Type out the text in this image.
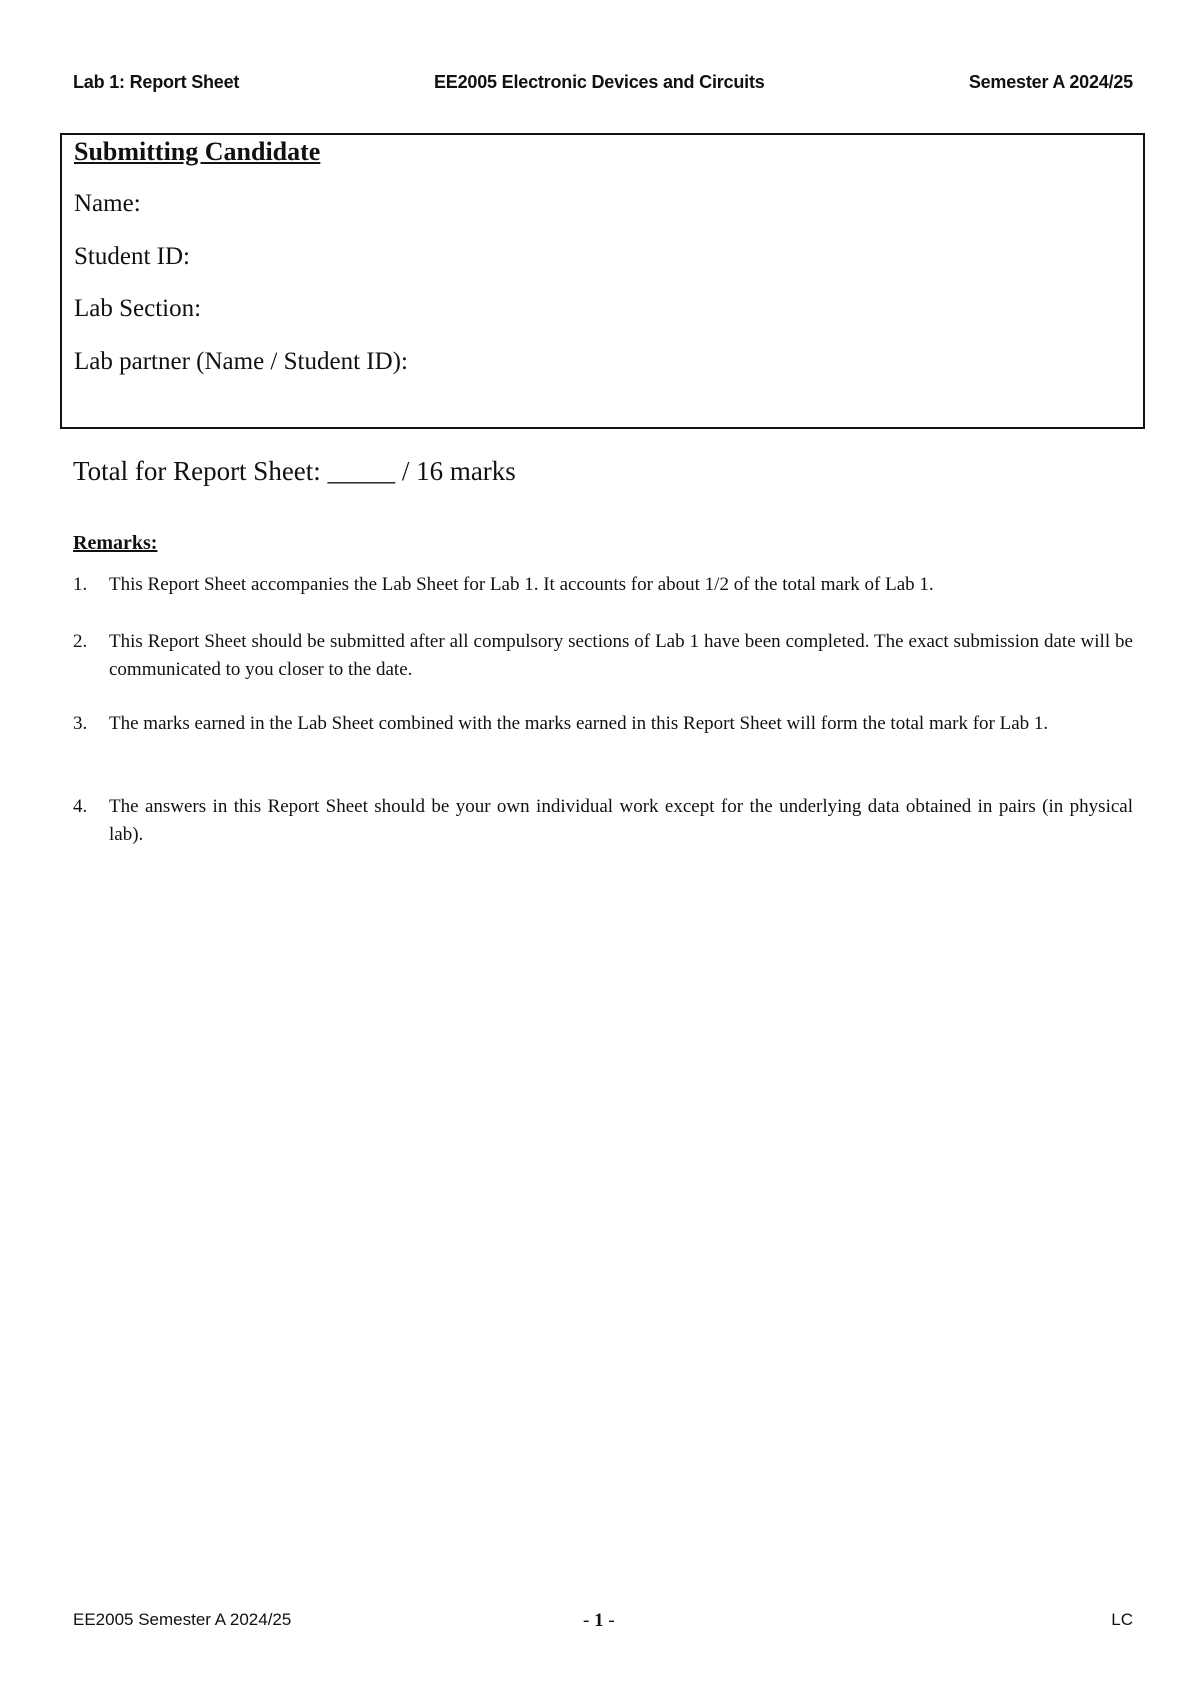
Lab 1: Report Sheet	EE2005 Electronic Devices and Circuits	Semester A 2024/25
Submitting Candidate
Name:
Student ID:
Lab Section:
Lab partner (Name / Student ID):
Total for Report Sheet: _____ / 16 marks
Remarks:
1. This Report Sheet accompanies the Lab Sheet for Lab 1. It accounts for about 1/2 of the total mark of Lab 1.
2. This Report Sheet should be submitted after all compulsory sections of Lab 1 have been completed. The exact submission date will be communicated to you closer to the date.
3. The marks earned in the Lab Sheet combined with the marks earned in this Report Sheet will form the total mark for Lab 1.
4. The answers in this Report Sheet should be your own individual work except for the underlying data obtained in pairs (in physical lab).
EE2005 Semester A 2024/25	- 1 -	LC
